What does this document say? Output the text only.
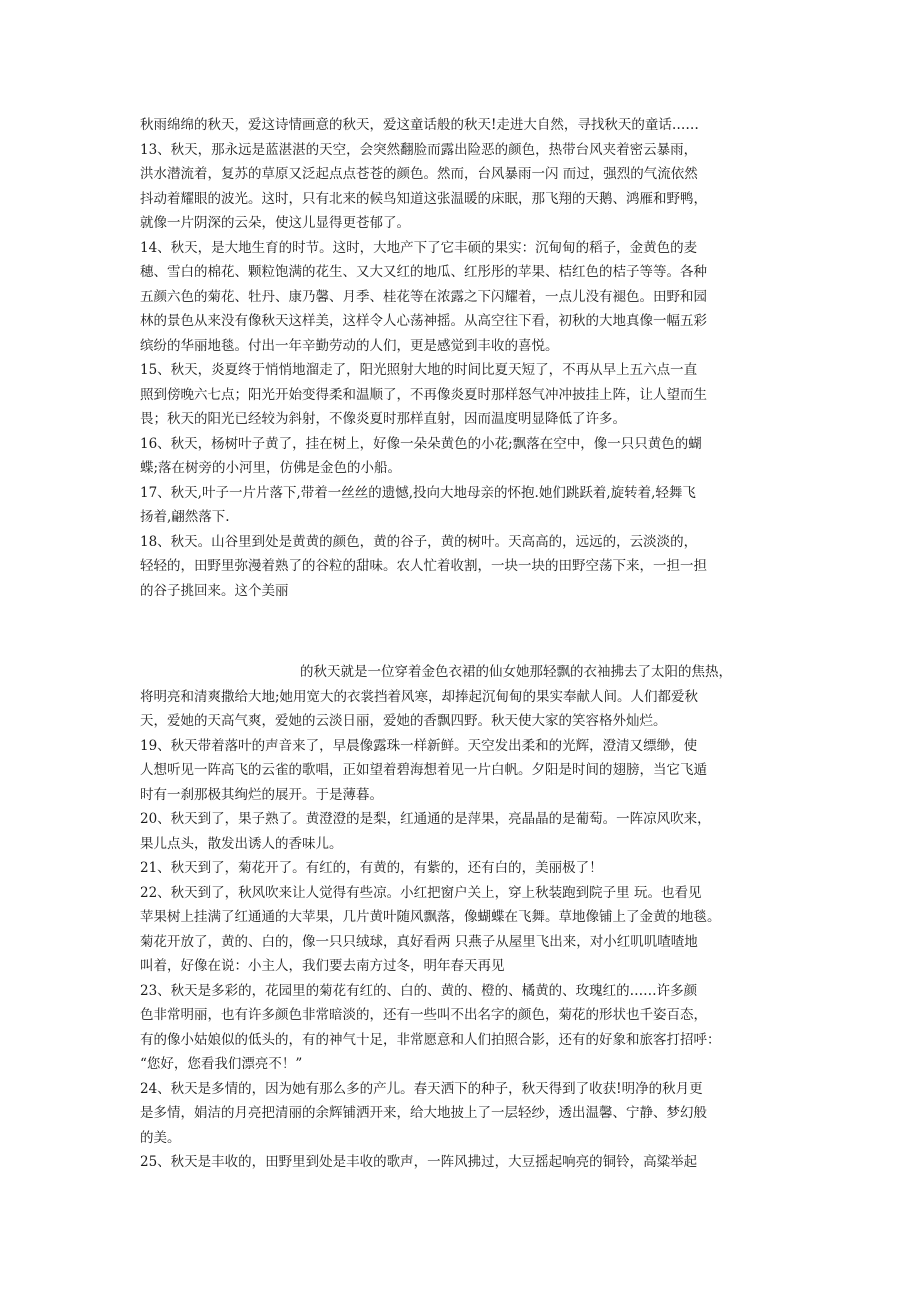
秋雨绵绵的秋天，爱这诗情画意的秋天，爱这童话般的秋天!走进大自然，寻找秋天的童话……
13、秋天，那永远是蓝湛湛的天空，会突然翻脸而露出险恶的颜色，热带台风夹着密云暴雨，
洪水潜流着，复苏的草原又泛起点点苍苍的颜色。然而，台风暴雨一闪 而过，强烈的气流依然
抖动着耀眼的波光。这时，只有北来的候鸟知道这张温暖的床眠，那飞翔的天鹅、鸿雁和野鸭，
就像一片阴深的云朵，使这儿显得更苍郁了。
14、秋天，是大地生育的时节。这时，大地产下了它丰硕的果实：沉甸甸的稻子，金黄色的麦
穗、雪白的棉花、颗粒饱满的花生、又大又红的地瓜、红彤彤的苹果、桔红色的桔子等等。各种
五颜六色的菊花、牡丹、康乃馨、月季、桂花等在浓露之下闪耀着，一点儿没有褪色。田野和园
林的景色从来没有像秋天这样美，这样令人心荡神摇。从高空往下看，初秋的大地真像一幅五彩
缤纷的华丽地毯。付出一年辛勤劳动的人们，更是感觉到丰收的喜悦。
15、秋天，炎夏终于悄悄地溜走了，阳光照射大地的时间比夏天短了，不再从早上五六点一直
照到傍晚六七点；阳光开始变得柔和温顺了，不再像炎夏时那样怒气冲冲披挂上阵，让人望而生
畏；秋天的阳光已经较为斜射，不像炎夏时那样直射，因而温度明显降低了许多。
16、秋天，杨树叶子黄了，挂在树上，好像一朵朵黄色的小花;飘落在空中，像一只只黄色的蝴
蝶;落在树旁的小河里，仿佛是金色的小船。
17、秋天,叶子一片片落下,带着一丝丝的遗憾,投向大地母亲的怀抱.她们跳跃着,旋转着,轻舞飞
扬着,翩然落下.
18、秋天。山谷里到处是黄黄的颜色，黄的谷子，黄的树叶。天高高的，远远的，云淡淡的，
轻轻的，田野里弥漫着熟了的谷粒的甜味。农人忙着收割，一块一块的田野空荡下来，一担一担
的谷子挑回来。这个美丽
的秋天就是一位穿着金色衣裙的仙女她那轻飘的衣袖拂去了太阳的焦热，
将明亮和清爽撒给大地;她用宽大的衣裳挡着风寒，却捧起沉甸甸的果实奉献人间。人们都爱秋
天，爱她的天高气爽，爱她的云淡日丽，爱她的香飘四野。秋天使大家的笑容格外灿烂。
19、秋天带着落叶的声音来了，早晨像露珠一样新鲜。天空发出柔和的光辉，澄清又缥缈，使
人想听见一阵高飞的云雀的歌唱，正如望着碧海想着见一片白帆。夕阳是时间的翅膀，当它飞遁
时有一刹那极其绚烂的展开。于是薄暮。
20、秋天到了，果子熟了。黄澄澄的是梨，红通通的是萍果，亮晶晶的是葡萄。一阵凉风吹来，
果儿点头，散发出诱人的香味儿。
21、秋天到了，菊花开了。有红的，有黄的，有紫的，还有白的，美丽极了！
22、秋天到了，秋风吹来让人觉得有些凉。小红把窗户关上，穿上秋装跑到院子里 玩。也看见
苹果树上挂满了红通通的大苹果，几片黄叶随风飘落，像蝴蝶在飞舞。草地像铺上了金黄的地毯。
菊花开放了，黄的、白的，像一只只绒球，真好看两 只燕子从屋里飞出来，对小红叽叽喳喳地
叫着，好像在说：小主人，我们要去南方过冬，明年春天再见
23、秋天是多彩的，花园里的菊花有红的、白的、黄的、橙的、橘黄的、玫瑰红的……许多颜
色非常明丽，也有许多颜色非常暗淡的，还有一些叫不出名字的颜色，菊花的形状也千姿百态，
有的像小姑娘似的低头的，有的神气十足，非常愿意和人们拍照合影，还有的好象和旅客打招呼：
“您好，您看我们漂亮不！”
24、秋天是多情的，因为她有那么多的产儿。春天洒下的种子，秋天得到了收获!明净的秋月更
是多情，娟洁的月亮把清丽的余辉铺洒开来，给大地披上了一层轻纱，透出温馨、宁静、梦幻般
的美。
25、秋天是丰收的，田野里到处是丰收的歌声，一阵风拂过，大豆摇起响亮的铜铃，高粱举起
